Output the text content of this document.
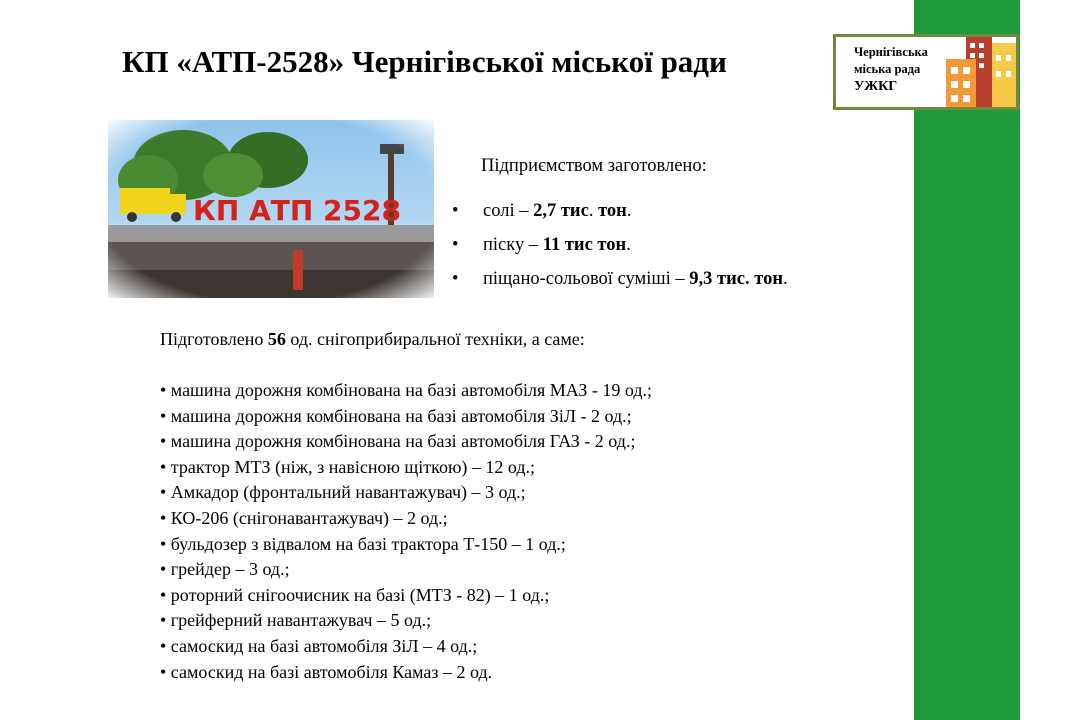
КП «АТП-2528» Чернігівської міської ради	Чернігівська
міська рада
УЖКГ
Підприємством заготовлено:
• солі – 2,7 тис. тон.
• піску – 11 тис тон.
• піщано-сольової суміші – 9,3 тис. тон.
Підготовлено 56 од. снігоприбиральної техніки, а саме:
• машина дорожня комбінована на базі автомобіля МАЗ - 19 од.;
• машина дорожня комбінована на базі автомобіля ЗіЛ - 2 од.;
• машина дорожня комбінована на базі автомобіля ГАЗ - 2 од.;
• трактор МТЗ (ніж, з навісною щіткою) – 12 од.;
• Амкадор (фронтальний навантажувач) – 3 од.;
• КО-206 (снігонавантажувач) – 2 од.;
• бульдозер з відвалом на базі трактора Т-150 – 1 од.;
• грейдер – 3 од.;
• роторний снігоочисник на базі (МТЗ - 82) – 1 од.;
• грейферний навантажувач – 5 од.;
• самоскид на базі автомобіля ЗіЛ – 4 од.;
• самоскид на базі автомобіля Камаз – 2 од.
